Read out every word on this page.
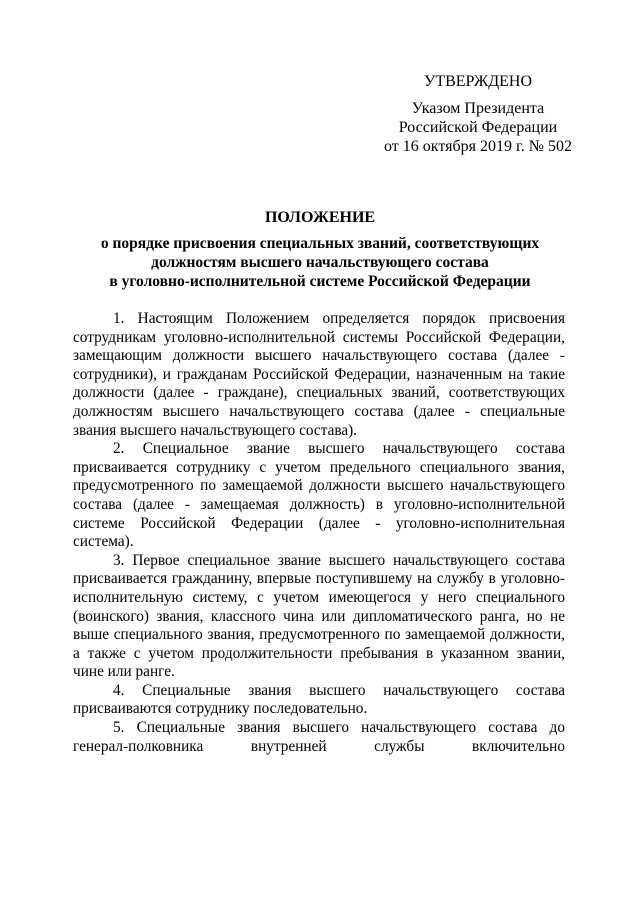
УТВЕРЖДЕНО
Указом Президента
Российской Федерации
от 16 октября 2019 г. № 502
ПОЛОЖЕНИЕ
о порядке присвоения специальных званий, соответствующих
должностям высшего начальствующего состава
в уголовно-исполнительной системе Российской Федерации

1. Настоящим Положением определяется порядок присвоения сотрудникам уголовно-исполнительной системы Российской Федерации, замещающим должности высшего начальствующего состава (далее - сотрудники), и гражданам Российской Федерации, назначенным на такие должности (далее - граждане), специальных званий, соответствующих должностям высшего начальствующего состава (далее - специальные звания высшего начальствующего состава).

2. Специальное звание высшего начальствующего состава присваивается сотруднику с учетом предельного специального звания, предусмотренного по замещаемой должности высшего начальствующего состава (далее - замещаемая должность) в уголовно-исполнительной системе Российской Федерации (далее - уголовно-исполнительная система).

3. Первое специальное звание высшего начальствующего состава присваивается гражданину, впервые поступившему на службу в уголовно-исполнительную систему, с учетом имеющегося у него специального (воинского) звания, классного чина или дипломатического ранга, но не выше специального звания, предусмотренного по замещаемой должности, а также с учетом продолжительности пребывания в указанном звании, чине или ранге.

4. Специальные звания высшего начальствующего состава присваиваются сотруднику последовательно.

5. Специальные звания высшего начальствующего состава до генерал-полковника внутренней службы включительно
